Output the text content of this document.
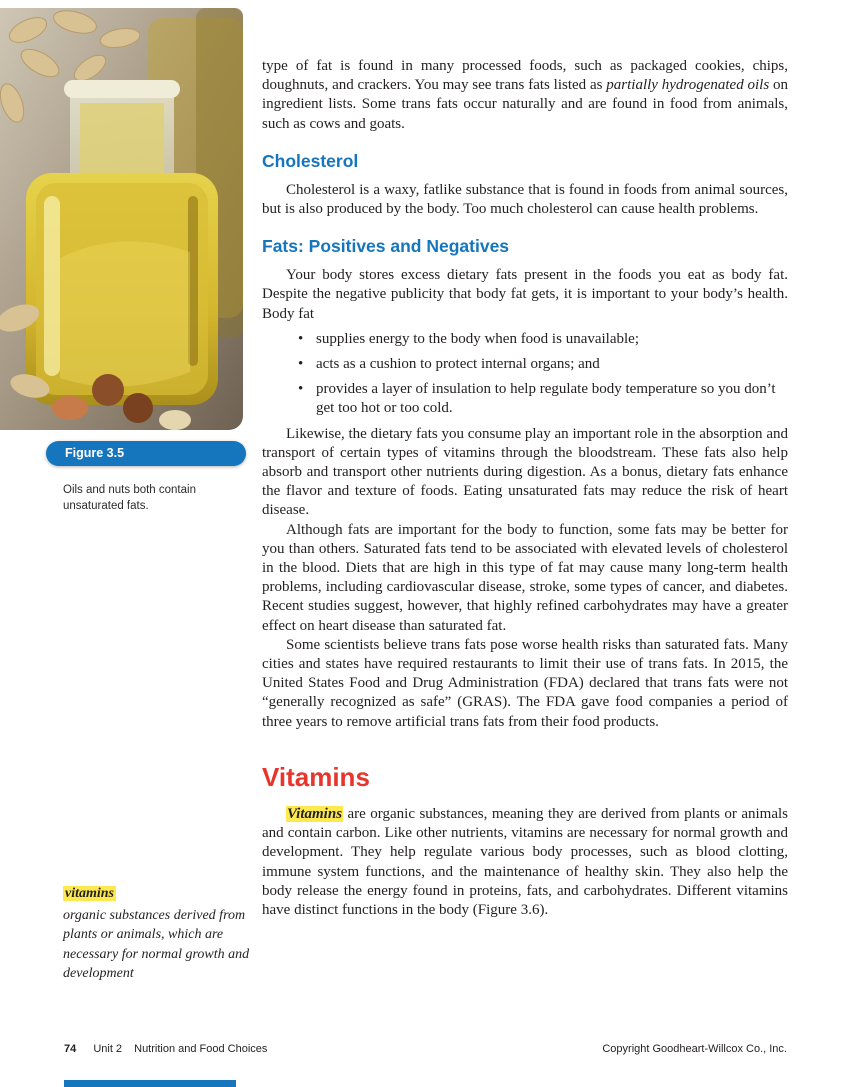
Figure 3.5

Oils and nuts both contain unsaturated fats.

vitamins

organic substances derived from plants or animals, which are necessary for normal growth and development

type of fat is found in many processed foods, such as packaged cookies, chips, doughnuts, and crackers. You may see trans fats listed as partially hydrogenated oils on ingredient lists. Some trans fats occur naturally and are found in food from animals, such as cows and goats.

Cholesterol

Cholesterol is a waxy, fatlike substance that is found in foods from animal sources, but is also produced by the body. Too much cholesterol can cause health problems.

Fats: Positives and Negatives

Your body stores excess dietary fats present in the foods you eat as body fat. Despite the negative publicity that body fat gets, it is important to your body’s health. Body fat

• supplies energy to the body when food is unavailable;
• acts as a cushion to protect internal organs; and
• provides a layer of insulation to help regulate body temperature so you don’t get too hot or too cold.

Likewise, the dietary fats you consume play an important role in the absorption and transport of certain types of vitamins through the bloodstream. These fats also help absorb and transport other nutrients during digestion. As a bonus, dietary fats enhance the flavor and texture of foods. Eating unsaturated fats may reduce the risk of heart disease.

Although fats are important for the body to function, some fats may be better for you than others. Saturated fats tend to be associated with elevated levels of cholesterol in the blood. Diets that are high in this type of fat may cause many long-term health problems, including cardiovascular disease, stroke, some types of cancer, and diabetes. Recent studies suggest, however, that highly refined carbohydrates may have a greater effect on heart disease than saturated fat.

Some scientists believe trans fats pose worse health risks than saturated fats. Many cities and states have required restaurants to limit their use of trans fats. In 2015, the United States Food and Drug Administration (FDA) declared that trans fats were not “generally recognized as safe” (GRAS). The FDA gave food companies a period of three years to remove artificial trans fats from their food products.

Vitamins

Vitamins are organic substances, meaning they are derived from plants or animals and contain carbon. Like other nutrients, vitamins are necessary for normal growth and development. They help regulate various body processes, such as blood clotting, immune system functions, and the maintenance of healthy skin. They also help the body release the energy found in proteins, fats, and carbohydrates. Different vitamins have distinct functions in the body (Figure 3.6).

74 Unit 2 Nutrition and Food Choices	Copyright Goodheart-Willcox Co., Inc.
